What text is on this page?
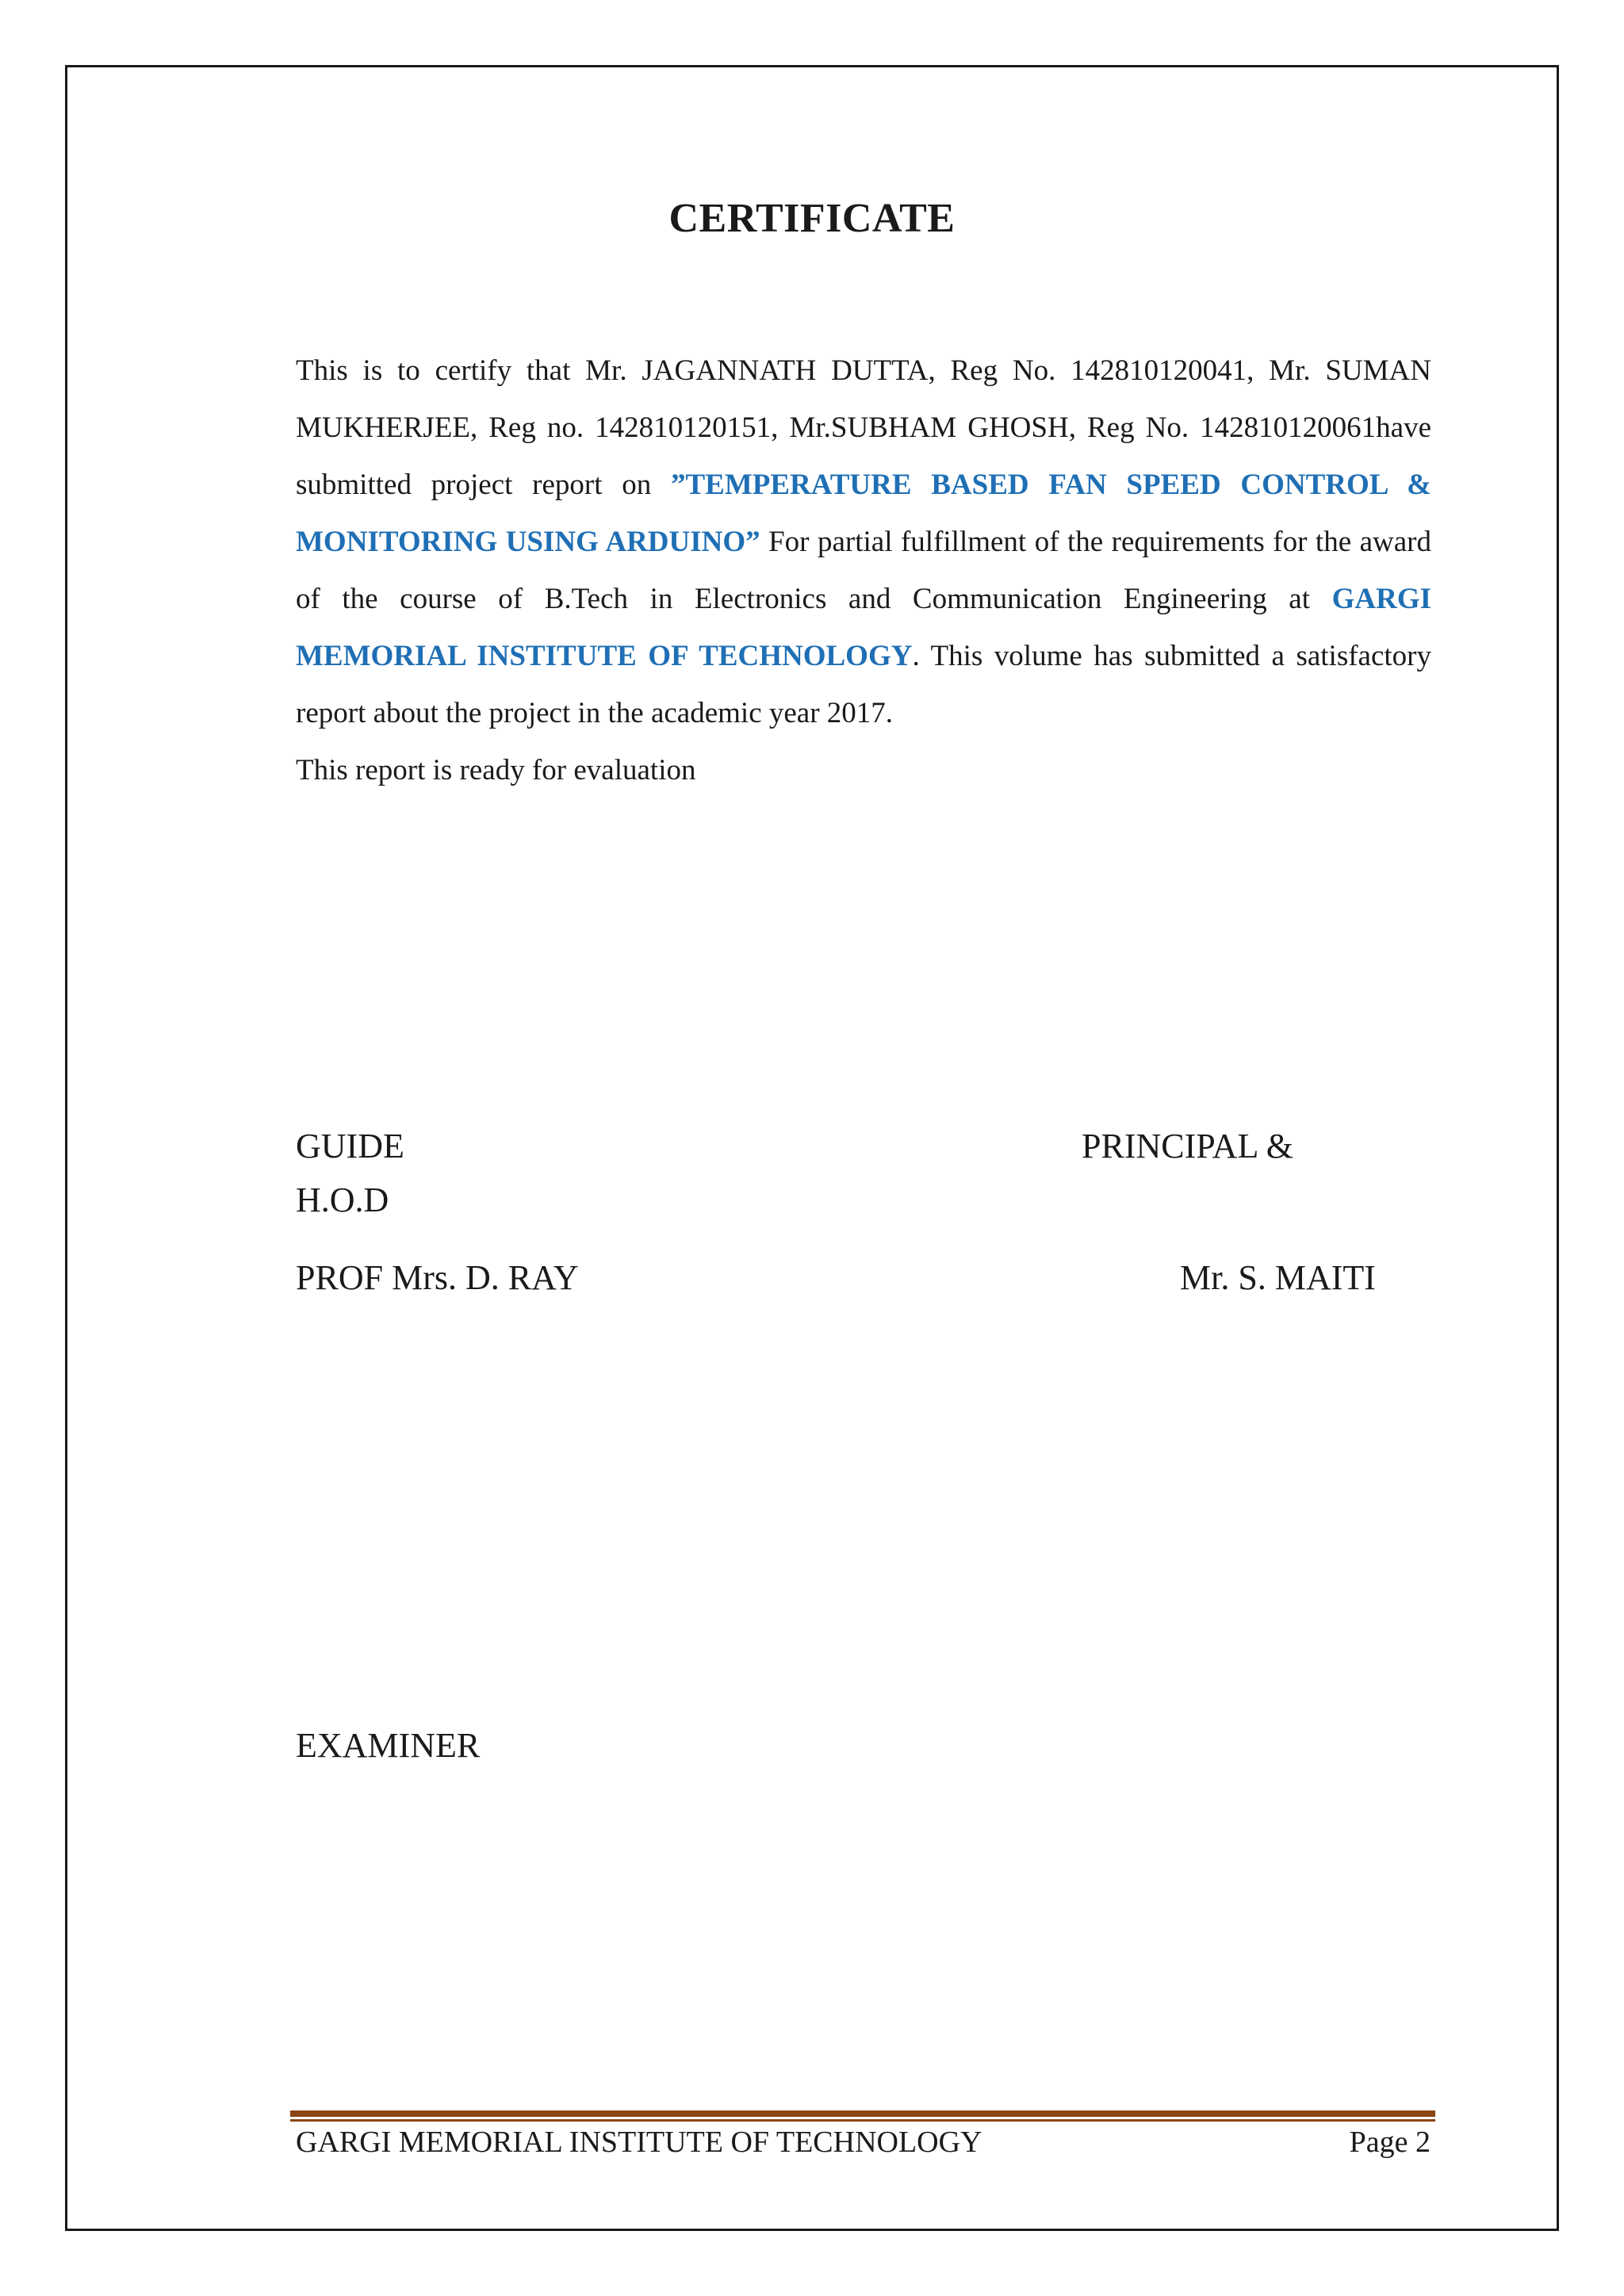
CERTIFICATE

This is to certify that Mr. JAGANNATH DUTTA, Reg No. 142810120041, Mr. SUMAN MUKHERJEE, Reg no. 142810120151, Mr.SUBHAM GHOSH, Reg No. 142810120061have submitted project report on ”TEMPERATURE BASED FAN SPEED CONTROL & MONITORING USING ARDUINO” For partial fulfillment of the requirements for the award of the course of B.Tech in Electronics and Communication Engineering at GARGI MEMORIAL INSTITUTE OF TECHNOLOGY. This volume has submitted a satisfactory report about the project in the academic year 2017.

This report is ready for evaluation

GUIDE	PRINCIPAL &
H.O.D
PROF Mrs. D. RAY	Mr. S. MAITI
EXAMINER
GARGI MEMORIAL INSTITUTE OF TECHNOLOGY	Page 2
